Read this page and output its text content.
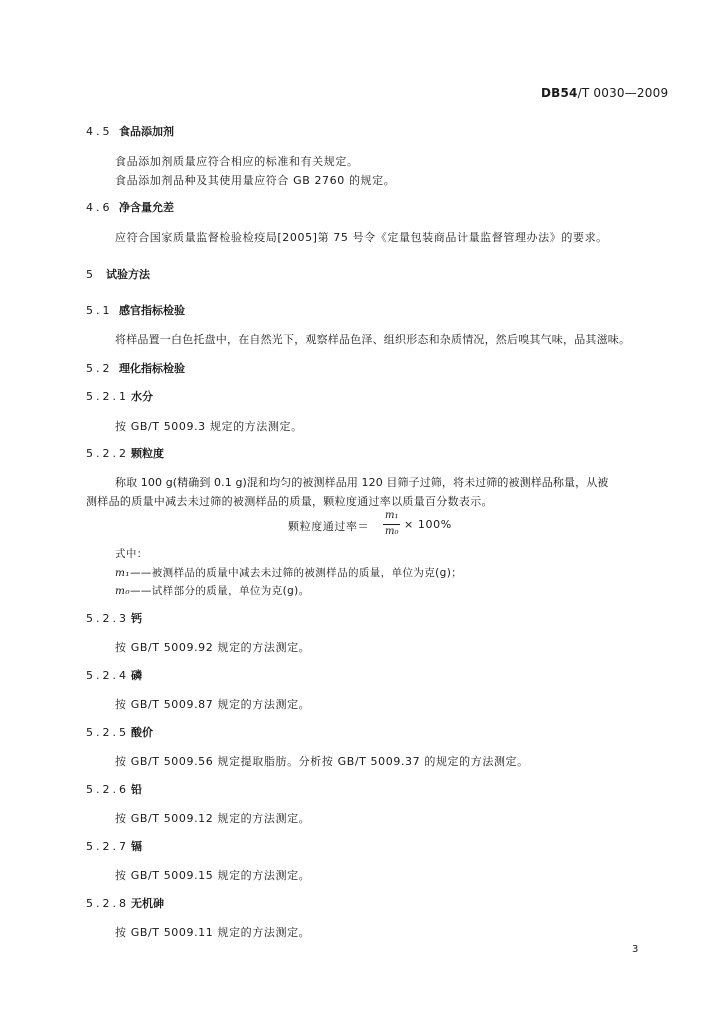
DB54/T 0030—2009
4.5 食品添加剂
食品添加剂质量应符合相应的标准和有关规定。
食品添加剂品种及其使用量应符合 GB 2760 的规定。
4.6 净含量允差
应符合国家质量监督检验检疫局[2005]第 75 号令《定量包装商品计量监督管理办法》的要求。
5 试验方法
5.1 感官指标检验
将样品置一白色托盘中，在自然光下，观察样品色泽、组织形态和杂质情况，然后嗅其气味，品其滋味。
5.2 理化指标检验
5.2.1 水分
按 GB/T 5009.3 规定的方法测定。
5.2.2 颗粒度
称取 100 g(精确到 0.1 g)混和均匀的被测样品用 120 目筛子过筛，将未过筛的被测样品称量，从被
测样品的质量中减去未过筛的被测样品的质量，颗粒度通过率以质量百分数表示。
颗粒度通过率＝
m₁
m₀
× 100%
式中：
m₁——被测样品的质量中减去未过筛的被测样品的质量，单位为克(g)；
m₀——试样部分的质量，单位为克(g)。
5.2.3 钙
按 GB/T 5009.92 规定的方法测定。
5.2.4 磷
按 GB/T 5009.87 规定的方法测定。
5.2.5 酸价
按 GB/T 5009.56 规定提取脂肪。分析按 GB/T 5009.37 的规定的方法测定。
5.2.6 铅
按 GB/T 5009.12 规定的方法测定。
5.2.7 镉
按 GB/T 5009.15 规定的方法测定。
5.2.8 无机砷
按 GB/T 5009.11 规定的方法测定。
3
